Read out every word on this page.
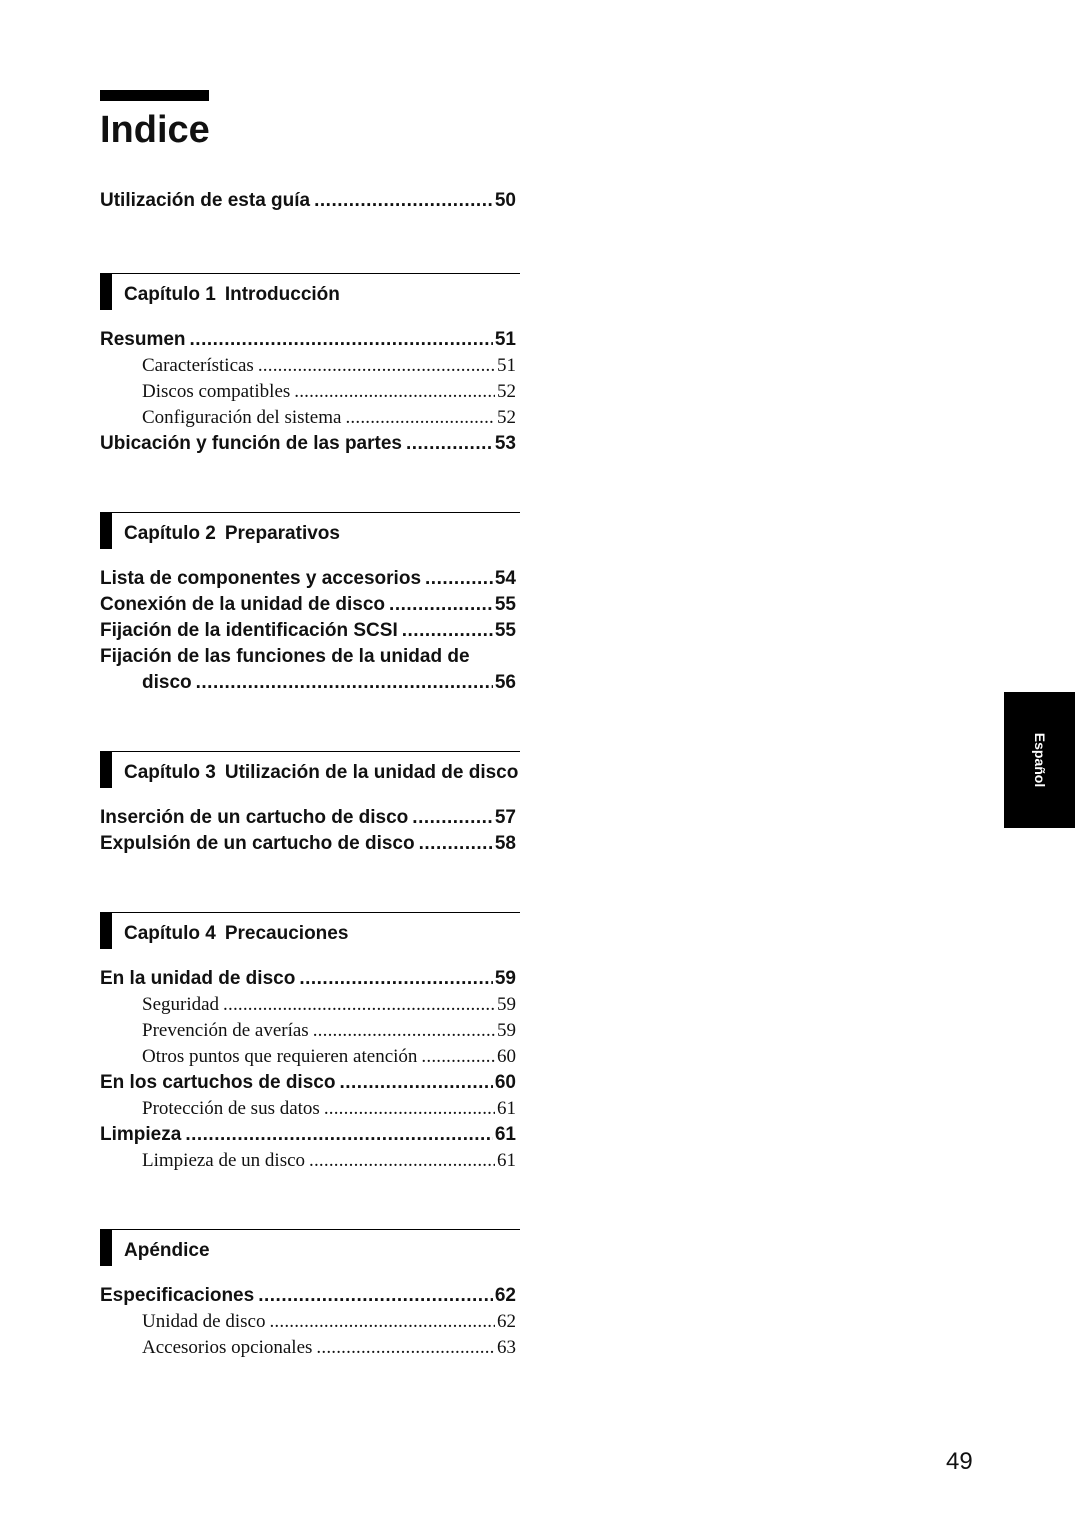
Indice
Utilización de esta guía .....	50
Capítulo 1 Introducción
Resumen .....	51
Características .....	51
Discos compatibles .....	52
Configuración del sistema .....	52
Ubicación y función de las partes .....	53
Capítulo 2 Preparativos
Lista de componentes y accesorios .....	54
Conexión de la unidad de disco .....	55
Fijación de la identificación SCSI .....	55
Fijación de las funciones de la unidad de
disco .....	56
Capítulo 3 Utilización de la unidad de disco
Inserción de un cartucho de disco .....	57
Expulsión de un cartucho de disco .....	58
Capítulo 4 Precauciones
En la unidad de disco .....	59
Seguridad .....	59
Prevención de averías .....	59
Otros puntos que requieren atención .....	60
En los cartuchos de disco .....	60
Protección de sus datos .....	61
Limpieza .....	61
Limpieza de un disco .....	61
Apéndice
Especificaciones .....	62
Unidad de disco .....	62
Accesorios opcionales .....	63
Español
49
